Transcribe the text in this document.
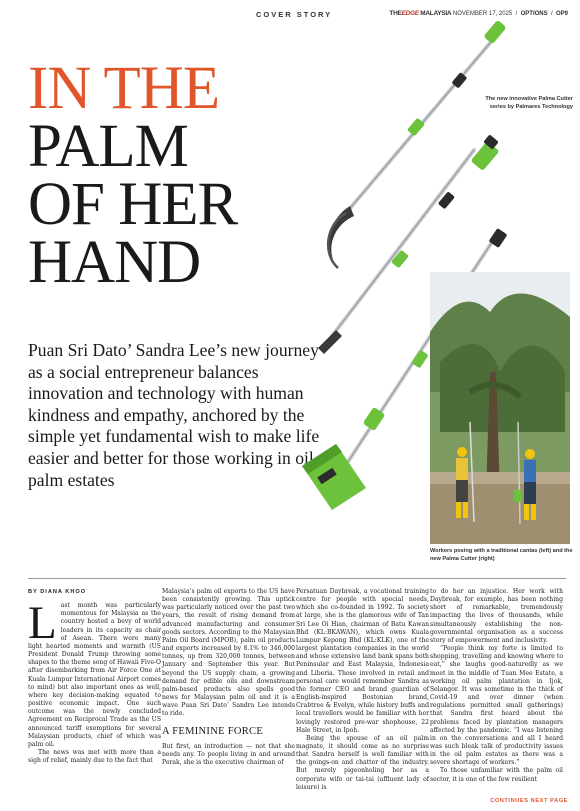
COVER STORY	THEEDGE MALAYSIA NOVEMBER 17, 2025  /  OPTIONS  /  OP9
IN THE
PALM
OF HER
HAND
Puan Sri Dato’ Sandra Lee’s new journey as a social entrepreneur balances innovation and technology with human kindness and empathy, anchored by the simple yet fundamental wish to make life easier and better for those working in oil palm estates
The new innovative Palma Cutter series by Palmares Technology
Workers posing with a traditional cantas (left) and the new Palma Cutter (right)
BY DIANA KHOO
L ast month was particularly momentous for Malaysia as the country hosted a bevy of world leaders in its capacity as chair of Asean. There were many light hearted moments and warmth (US President Donald Trump throwing some shapes to the theme song of Hawaii Five-O after disembarking from Air Force One at Kuala Lumpur International Airport comes to mind) but also important ones as well, where key decision-making equated to positive economic impact. One such outcome was the newly concluded Agreement on Reciprocal Trade as the US announced tariff exemptions for several Malaysian products, chief of which was palm oil.

The news was met with more than a sigh of relief, mainly due to the fact that

Malaysia’s palm oil exports to the US have been consistently growing. This uptick was particularly noticed over the past two years, the result of rising demand from advanced manufacturing and consumer goods sectors. According to the Malaysian Palm Oil Board (MPOB), palm oil products and exports increased by 8.1% to 346,000 tonnes, up from 320,000 tonnes, between January and September this year. But beyond the US supply chain, a growing demand for edible oils and downstream palm-based products also spells good news for Malaysian palm oil and it is a wave Puan Sri Dato’ Sandra Lee intends to ride.

A FEMININE FORCE

But first, an introduction — not that she needs any. To people living in and around Perak, she is the executive chairman of

Persatuan Daybreak, a vocational training centre for people with special needs, which she co-founded in 1992. To society at large, she is the glamorous wife of Tan Sri Lee Oi Hian, chairman of Batu Kawan Bhd (KL:BKAWAN), which owns Kuala Lumpur Kepong Bhd (KL:KLK), one of the largest plantation companies in the world and whose extensive land bank spans both Peninsular and East Malaysia, Indonesia and Liberia. Those involved in retail and personal care would remember Sandra as the former CEO and brand guardian of English-inspired Bostonian brand, Crabtree & Evelyn, while history buffs and local travellers would be familiar with her lovingly restored pre-war shophouse, 22 Hale Street, in Ipoh.

Being the spouse of an oil palm magnate, it should come as no surprise that Sandra herself is well familiar with the goings-on and chatter of the industry. But merely pigeonholing her as a corporate wife or tai-tai (affluent lady of leisure) is

to do her an injustice. Her work with Daybreak, for example, has been nothing short of remarkable, tremendously impacting the lives of thousands, while simultaneously establishing the non-governmental organisation as a success story of empowerment and inclusivity.

“People think my forte is limited to shopping, travelling and knowing where to eat,” she laughs good-naturedly as we meet in the middle of Tuan Mee Estate, a working oil palm plantation in Ijok, Selangor. It was sometime in the thick of Covid-19 and over dinner (when regulations permitted small gatherings) that Sandra first heard about the problems faced by plantation managers affected by the pandemic. “I was listening in on the conversations and all I heard was such bleak talk of productivity issues in the oil palm estates as there was a severe shortage of workers.”

To those unfamiliar with the palm oil sector, it is one of the few resilient

CONTINUES NEXT PAGE
